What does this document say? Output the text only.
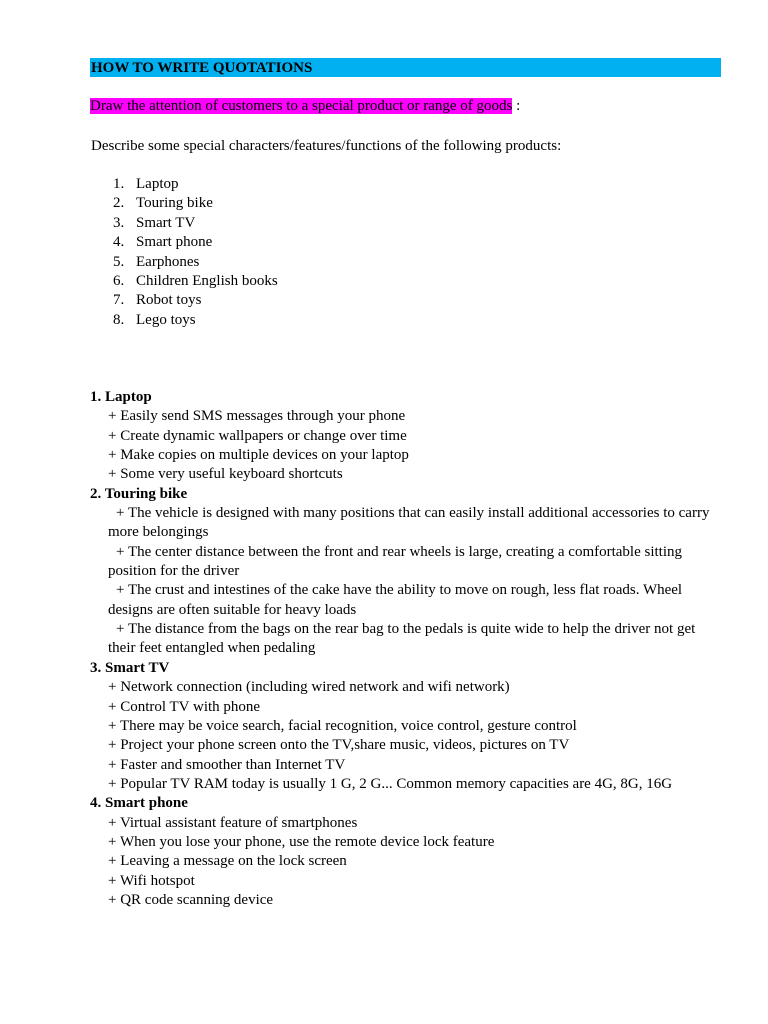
HOW TO WRITE QUOTATIONS
Draw the attention of customers to a special product or range of goods :
Describe some special characters/features/functions of the following products:
1. Laptop
2. Touring bike
3. Smart TV
4. Smart phone
5. Earphones
6. Children English books
7. Robot toys
8. Lego toys
1. Laptop
+ Easily send SMS messages through your phone
+ Create dynamic wallpapers or change over time
+ Make copies on multiple devices on your laptop
+ Some very useful keyboard shortcuts
2. Touring bike
+ The vehicle is designed with many positions that can easily install additional accessories to carry more belongings
+ The center distance between the front and rear wheels is large, creating a comfortable sitting position for the driver
+ The crust and intestines of the cake have the ability to move on rough, less flat roads. Wheel designs are often suitable for heavy loads
+ The distance from the bags on the rear bag to the pedals is quite wide to help the driver not get their feet entangled when pedaling
3. Smart TV
+ Network connection (including wired network and wifi network)
+ Control TV with phone
+ There may be voice search, facial recognition, voice control, gesture control
+ Project your phone screen onto the TV,share music, videos, pictures on TV
+ Faster and smoother than Internet TV
+ Popular TV RAM today is usually 1 G, 2 G... Common memory capacities are 4G, 8G, 16G
4. Smart phone
+ Virtual assistant feature of smartphones
+ When you lose your phone, use the remote device lock feature
+ Leaving a message on the lock screen
+ Wifi hotspot
+ QR code scanning device
